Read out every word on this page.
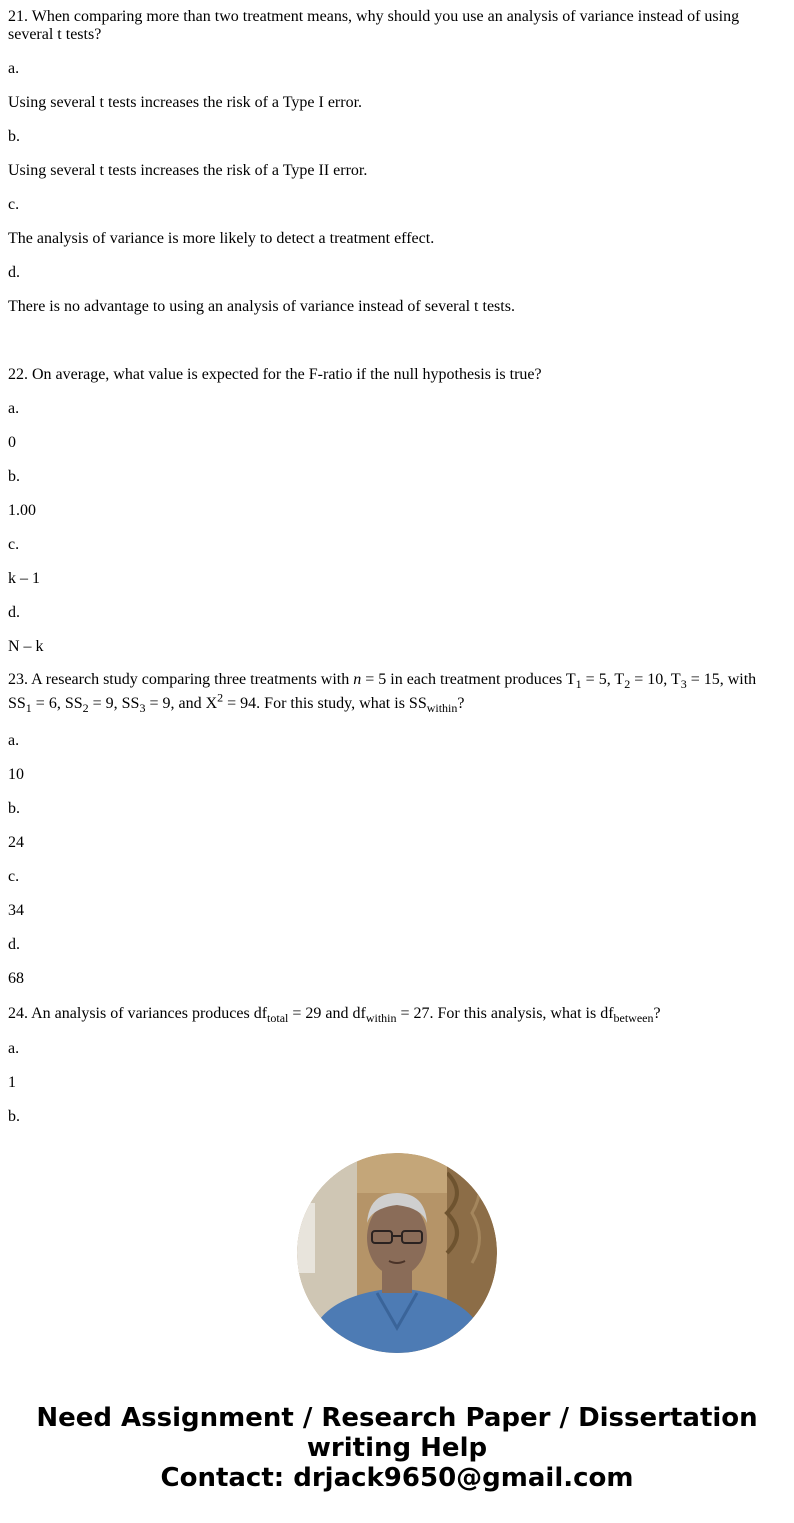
21. When comparing more than two treatment means, why should you use an analysis of variance instead of using several t tests?

a.

Using several t tests increases the risk of a Type I error.

b.

Using several t tests increases the risk of a Type II error.

c.

The analysis of variance is more likely to detect a treatment effect.

d.

There is no advantage to using an analysis of variance instead of several t tests.

22. On average, what value is expected for the F-ratio if the null hypothesis is true?

a.

0

b.

1.00

c.

k – 1

d.

N – k

23. A research study comparing three treatments with n = 5 in each treatment produces $T_1 = 5$, $T_2 = 10$, $T_3 = 15$, with $SS_1 = 6$, $SS_2 = 9$, $SS_3 = 9$, and $X^2 = 94$. For this study, what is $SS_{within}$?

a.

10

b.

24

c.

34

d.

68

24. An analysis of variances produces $df_{total} = 29$ and $df_{within} = 27$. For this analysis, what is $df_{between}$?

a.

1

b.

Need Assignment / Research Paper / Dissertation
writing Help
Contact: drjack9650@gmail.com
